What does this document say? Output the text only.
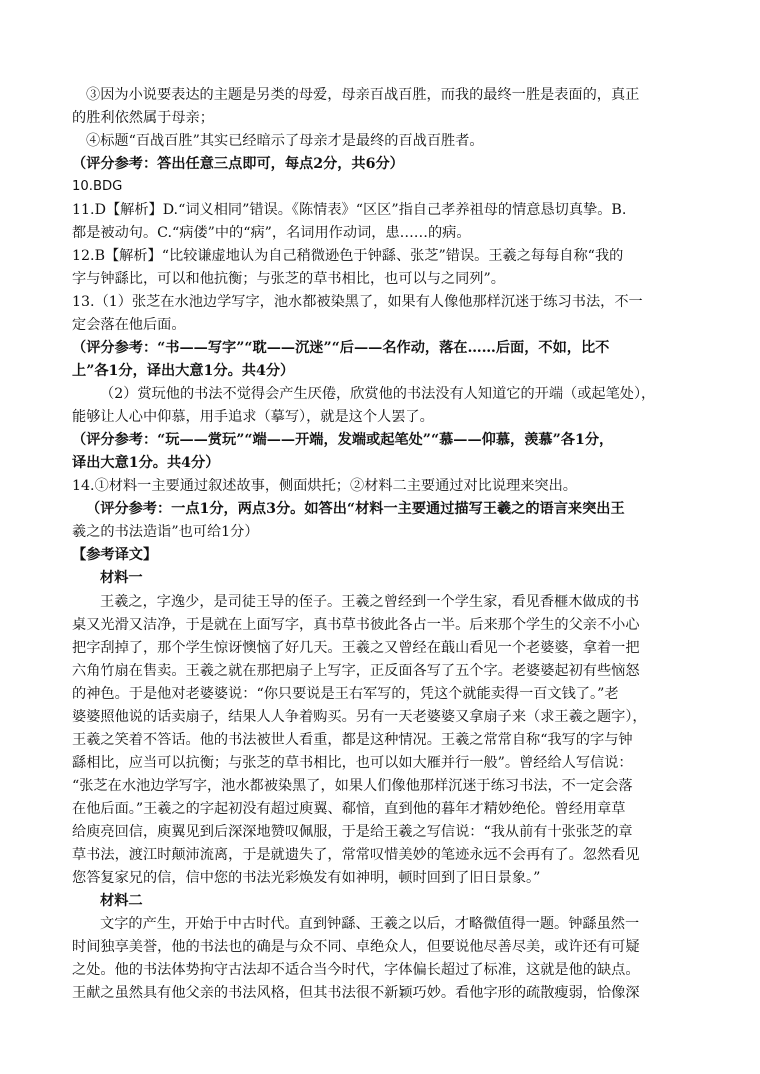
③因为小说要表达的主题是另类的母爱，母亲百战百胜，而我的最终一胜是表面的，真正
的胜利依然属于母亲；
④标题“百战百胜”其实已经暗示了母亲才是最终的百战百胜者。
（评分参考：答出任意三点即可，每点2分，共6分）
10.BDG
11.D【解析】D.“词义相同”错误。《陈情表》“区区”指自己孝养祖母的情意恳切真挚。B.
都是被动句。C.“病偻”中的“病”，名词用作动词，患……的病。
12.B【解析】“比较谦虚地认为自己稍微逊色于钟繇、张芝”错误。王羲之每每自称“我的
字与钟繇比，可以和他抗衡；与张芝的草书相比，也可以与之同列”。
13.（1）张芝在水池边学写字，池水都被染黑了，如果有人像他那样沉迷于练习书法，不一
定会落在他后面。
（评分参考：“书——写字”“耽——沉迷”“后——名作动，落在……后面，不如，比不
上”各1分，译出大意1分。共4分）
（2）赏玩他的书法不觉得会产生厌倦，欣赏他的书法没有人知道它的开端（或起笔处），
能够让人心中仰慕，用手追求（摹写），就是这个人罢了。
（评分参考：“玩——赏玩”“端——开端，发端或起笔处”“慕——仰慕，羡慕”各1分，
译出大意1分。共4分）
14.①材料一主要通过叙述故事，侧面烘托；②材料二主要通过对比说理来突出。
（评分参考：一点1分，两点3分。如答出“材料一主要通过描写王羲之的语言来突出王
羲之的书法造诣”也可给1分）
【参考译文】
材料一
王羲之，字逸少，是司徒王导的侄子。王羲之曾经到一个学生家，看见香榧木做成的书
桌又光滑又洁净，于是就在上面写字，真书草书彼此各占一半。后来那个学生的父亲不小心
把字刮掉了，那个学生惊讶懊恼了好几天。王羲之又曾经在蕺山看见一个老婆婆，拿着一把
六角竹扇在售卖。王羲之就在那把扇子上写字，正反面各写了五个字。老婆婆起初有些恼怒
的神色。于是他对老婆婆说：“你只要说是王右军写的，凭这个就能卖得一百文钱了。”老
婆婆照他说的话卖扇子，结果人人争着购买。另有一天老婆婆又拿扇子来（求王羲之题字），
王羲之笑着不答话。他的书法被世人看重，都是这种情况。王羲之常常自称“我写的字与钟
繇相比，应当可以抗衡；与张芝的草书相比，也可以如大雁并行一般”。曾经给人写信说：
“张芝在水池边学写字，池水都被染黑了，如果人们像他那样沉迷于练习书法，不一定会落
在他后面。”王羲之的字起初没有超过庾翼、郗愔，直到他的暮年才精妙绝伦。曾经用章草
给庾亮回信，庾翼见到后深深地赞叹佩服，于是给王羲之写信说：“我从前有十张张芝的章
草书法，渡江时颠沛流离，于是就遗失了，常常叹惜美妙的笔迹永远不会再有了。忽然看见
您答复家兄的信，信中您的书法光彩焕发有如神明，顿时回到了旧日景象。”
材料二
文字的产生，开始于中古时代。直到钟繇、王羲之以后，才略微值得一题。钟繇虽然一
时间独享美誉，他的书法也的确是与众不同、卓绝众人，但要说他尽善尽美，或许还有可疑
之处。他的书法体势拘守古法却不适合当今时代，字体偏长超过了标准，这就是他的缺点。
王献之虽然具有他父亲的书法风格，但其书法很不新颖巧妙。看他字形的疏散瘦弱，恰像深
